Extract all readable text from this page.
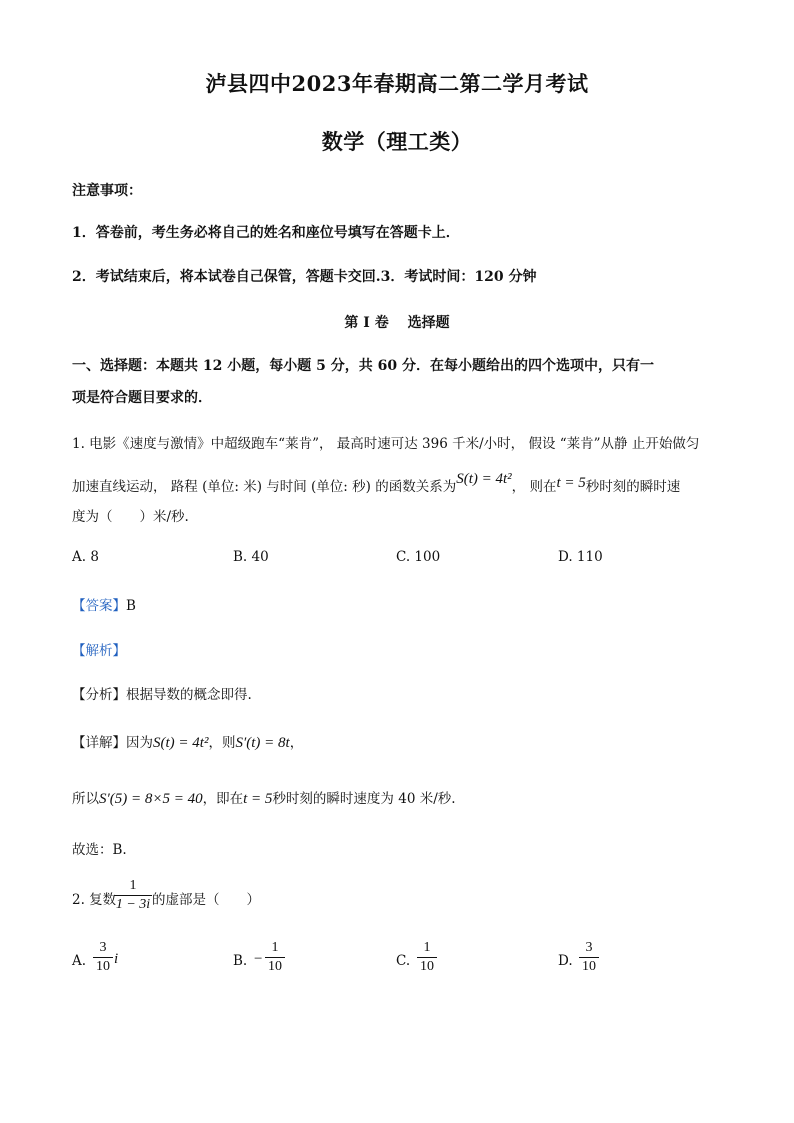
泸县四中2023年春期高二第二学月考试
数学（理工类）
注意事项：
1．答卷前，考生务必将自己的姓名和座位号填写在答题卡上．
2．考试结束后，将本试卷自己保管，答题卡交回.3．考试时间：120 分钟
第 I 卷　 选择题
一、选择题：本题共 12 小题，每小题 5 分，共 60 分．在每小题给出的四个选项中，只有一
项是符合题目要求的．
1. 电影《速度与激情》中超级跑车“莱肯”， 最高时速可达 396 千米/小时， 假设 “莱肯”从静 止开始做匀
加速直线运动， 路程 (单位: 米) 与时间 (单位: 秒) 的函数关系为S(t) = 4t²， 则在t = 5秒时刻的瞬时速
度为（　　）米/秒.
A. 8	B. 40	C. 100	D. 110
【答案】B
【解析】
【分析】根据导数的概念即得.
【详解】因为S(t) = 4t²，则S′(t) = 8t，
所以S′(5) = 8×5 = 40，即在t = 5秒时刻的瞬时速度为 40 米/秒.
故选：B.
2. 复数
1
1 − 3i 的虚部是（　　）
A.
3
10 i	B. −
1
10	C.
1
10	D.
3
10
